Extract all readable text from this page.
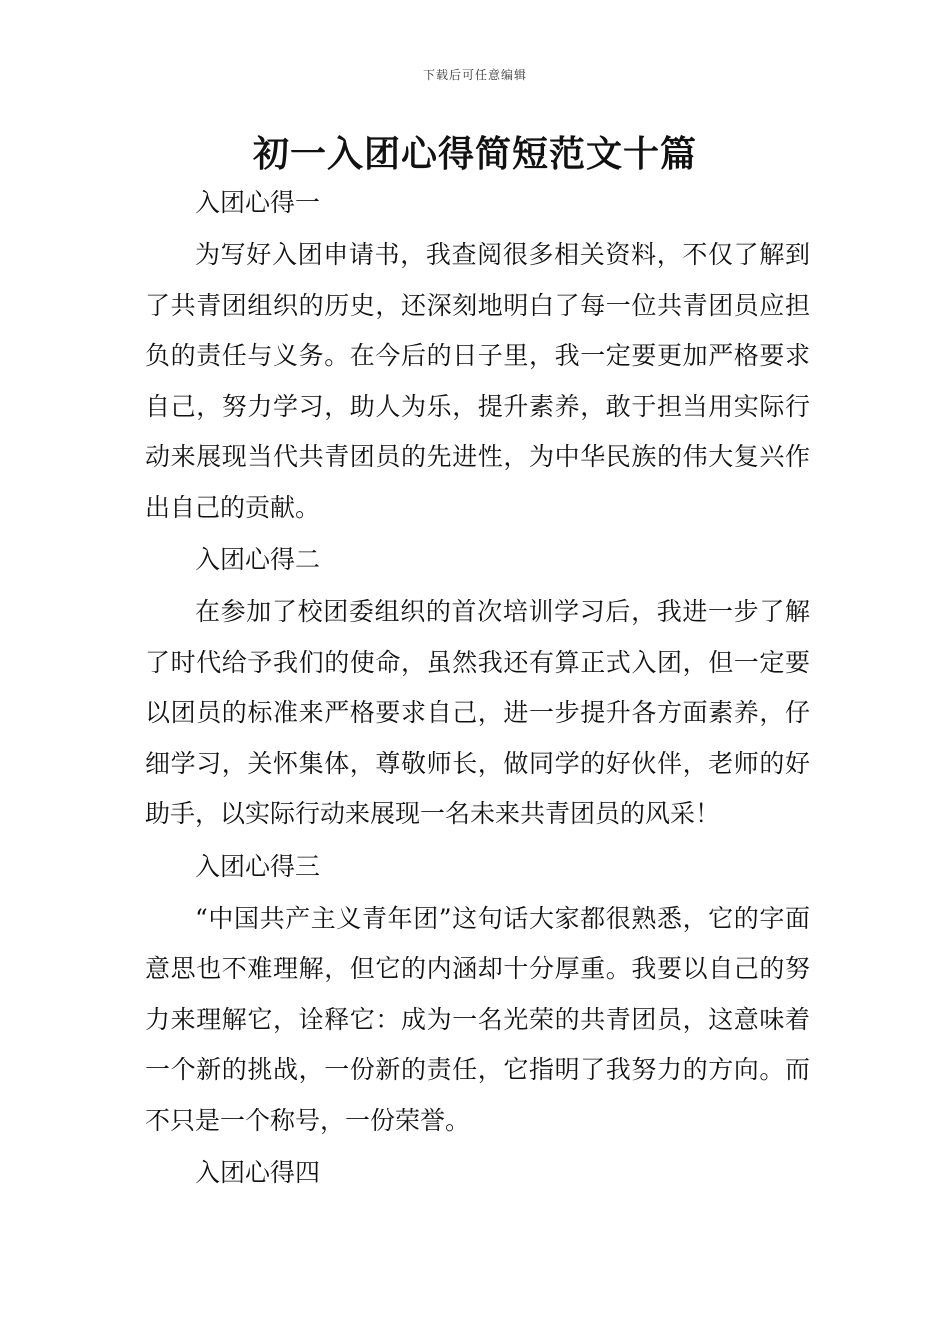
下载后可任意编辑
初一入团心得简短范文十篇

入团心得一

为写好入团申请书，我查阅很多相关资料，不仅了解到了共青团组织的历史，还深刻地明白了每一位共青团员应担负的责任与义务。在今后的日子里，我一定要更加严格要求自己，努力学习，助人为乐，提升素养，敢于担当用实际行动来展现当代共青团员的先进性，为中华民族的伟大复兴作出自己的贡献。

入团心得二

在参加了校团委组织的首次培训学习后，我进一步了解了时代给予我们的使命，虽然我还有算正式入团，但一定要以团员的标准来严格要求自己，进一步提升各方面素养，仔细学习，关怀集体，尊敬师长，做同学的好伙伴，老师的好助手，以实际行动来展现一名未来共青团员的风采！

入团心得三

“中国共产主义青年团”这句话大家都很熟悉，它的字面意思也不难理解，但它的内涵却十分厚重。我要以自己的努力来理解它，诠释它：成为一名光荣的共青团员，这意味着一个新的挑战，一份新的责任，它指明了我努力的方向。而不只是一个称号，一份荣誉。

入团心得四
